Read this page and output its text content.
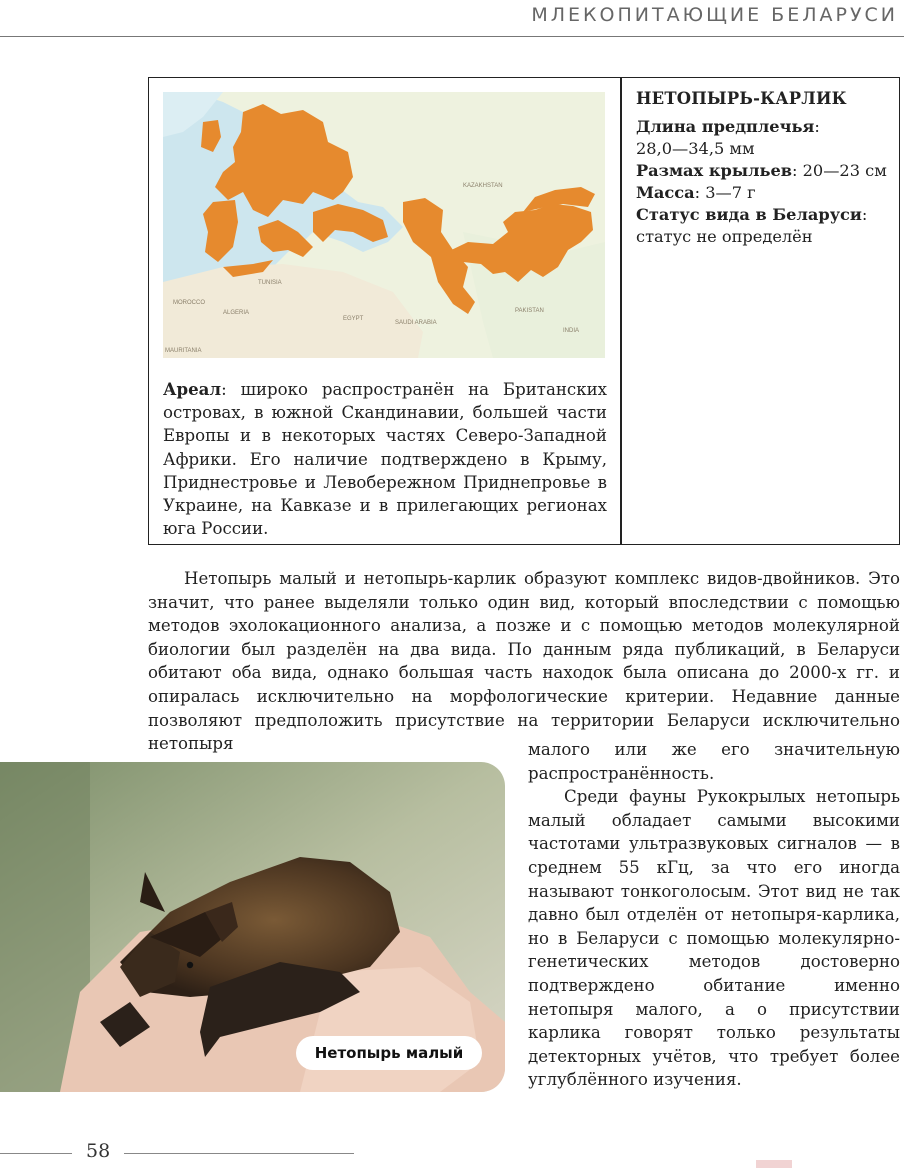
МЛЕКОПИТАЮЩИЕ БЕЛАРУСИ
ALGERIA
EGYPT
SAUDI ARABIA
KAZAKHSTAN
PAKISTAN
INDIA
TUNISIA
MOROCCO
MAURITANIA
Ареал: широко распространён на Британских островах, в южной Скандинавии, большей части Европы и в некоторых частях Северо-Западной Африки. Его наличие подтверждено в Крыму, Приднестровье и Левобережном Приднепровье в Украине, на Кавказе и в прилегающих регионах юга России.
НЕТОПЫРЬ-КАРЛИК
Длина предплечья:
28,0—34,5 мм
Размах крыльев: 20—23 см
Масса: 3—7 г
Статус вида в Беларуси:
статус не определён
Нетопырь малый и нетопырь-карлик образуют комплекс видов-двойников. Это значит, что ранее выделяли только один вид, который впоследствии с помощью методов эхолокационного анализа, а позже и с помощью методов молекулярной биологии был разделён на два вида. По данным ряда публикаций, в Беларуси обитают оба вида, однако большая часть находок была описана до 2000-х гг. и опиралась исключительно на морфологические критерии. Недавние данные позволяют предположить присутствие на территории Беларуси исключительно нетопыря	малого или же его значительную распространённость.

Среди фауны Рукокрылых нетопырь малый обладает самыми высокими частотами ультразвуковых сигналов — в среднем 55 кГц, за что его иногда называют тонкоголосым. Этот вид не так давно был отделён от нетопыря-карлика, но в Беларуси с помощью молекулярно-генетических методов достоверно подтверждено обитание именно нетопыря малого, а о присутствии карлика говорят только результаты детекторных учётов, что требует более углублённого изучения.

Нетопырь малый
58
